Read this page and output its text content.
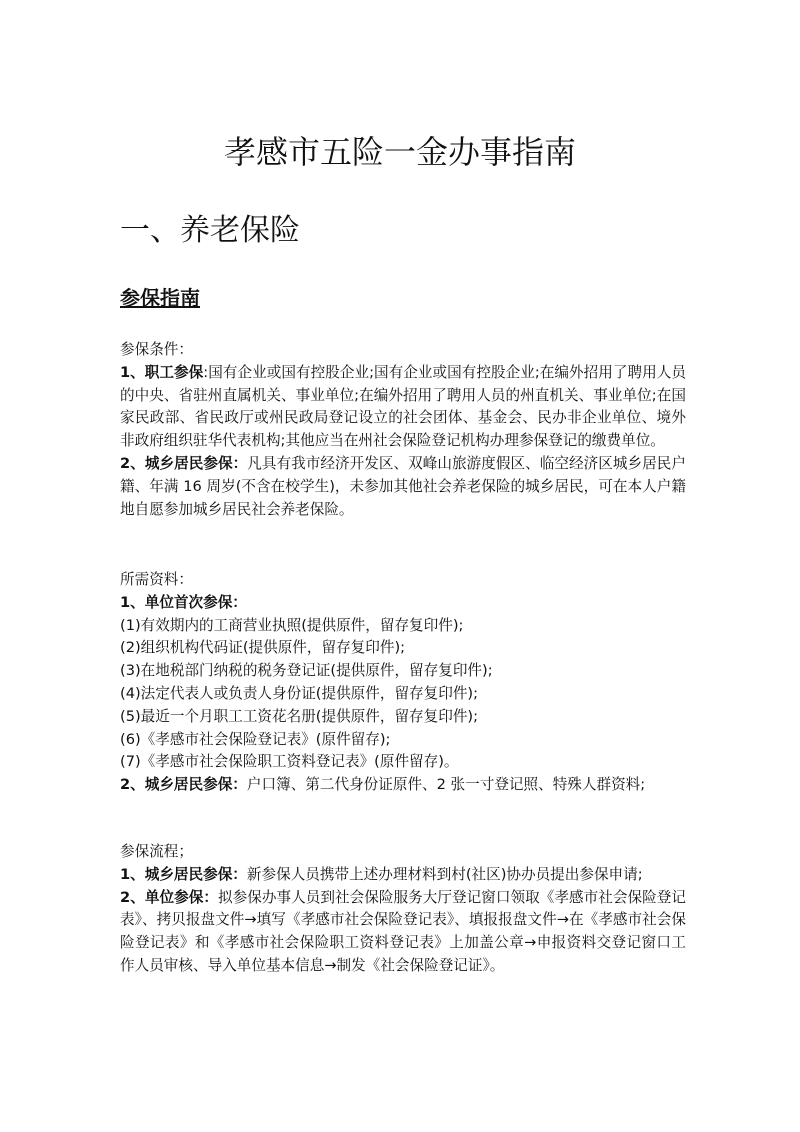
孝感市五险一金办事指南
一、养老保险
参保指南

参保条件：

1、职工参保:国有企业或国有控股企业;国有企业或国有控股企业;在编外招用了聘用人员的中央、省驻州直属机关、事业单位;在编外招用了聘用人员的州直机关、事业单位;在国家民政部、省民政厅或州民政局登记设立的社会团体、基金会、民办非企业单位、境外非政府组织驻华代表机构;其他应当在州社会保险登记机构办理参保登记的缴费单位。

2、城乡居民参保：凡具有我市经济开发区、双峰山旅游度假区、临空经济区城乡居民户籍、年满 16 周岁(不含在校学生)，未参加其他社会养老保险的城乡居民，可在本人户籍地自愿参加城乡居民社会养老保险。

所需资料：

1、单位首次参保：

(1)有效期内的工商营业执照(提供原件，留存复印件);

(2)组织机构代码证(提供原件，留存复印件);

(3)在地税部门纳税的税务登记证(提供原件，留存复印件);

(4)法定代表人或负责人身份证(提供原件，留存复印件);

(5)最近一个月职工工资花名册(提供原件，留存复印件);

(6)《孝感市社会保险登记表》(原件留存);

(7)《孝感市社会保险职工资料登记表》(原件留存)。

2、城乡居民参保：户口簿、第二代身份证原件、2 张一寸登记照、特殊人群资料;

参保流程；

1、城乡居民参保：新参保人员携带上述办理材料到村(社区)协办员提出参保申请;

2、单位参保：拟参保办事人员到社会保险服务大厅登记窗口领取《孝感市社会保险登记表》、拷贝报盘文件→填写《孝感市社会保险登记表》、填报报盘文件→在《孝感市社会保险登记表》和《孝感市社会保险职工资料登记表》上加盖公章→申报资料交登记窗口工作人员审核、导入单位基本信息→制发《社会保险登记证》。
